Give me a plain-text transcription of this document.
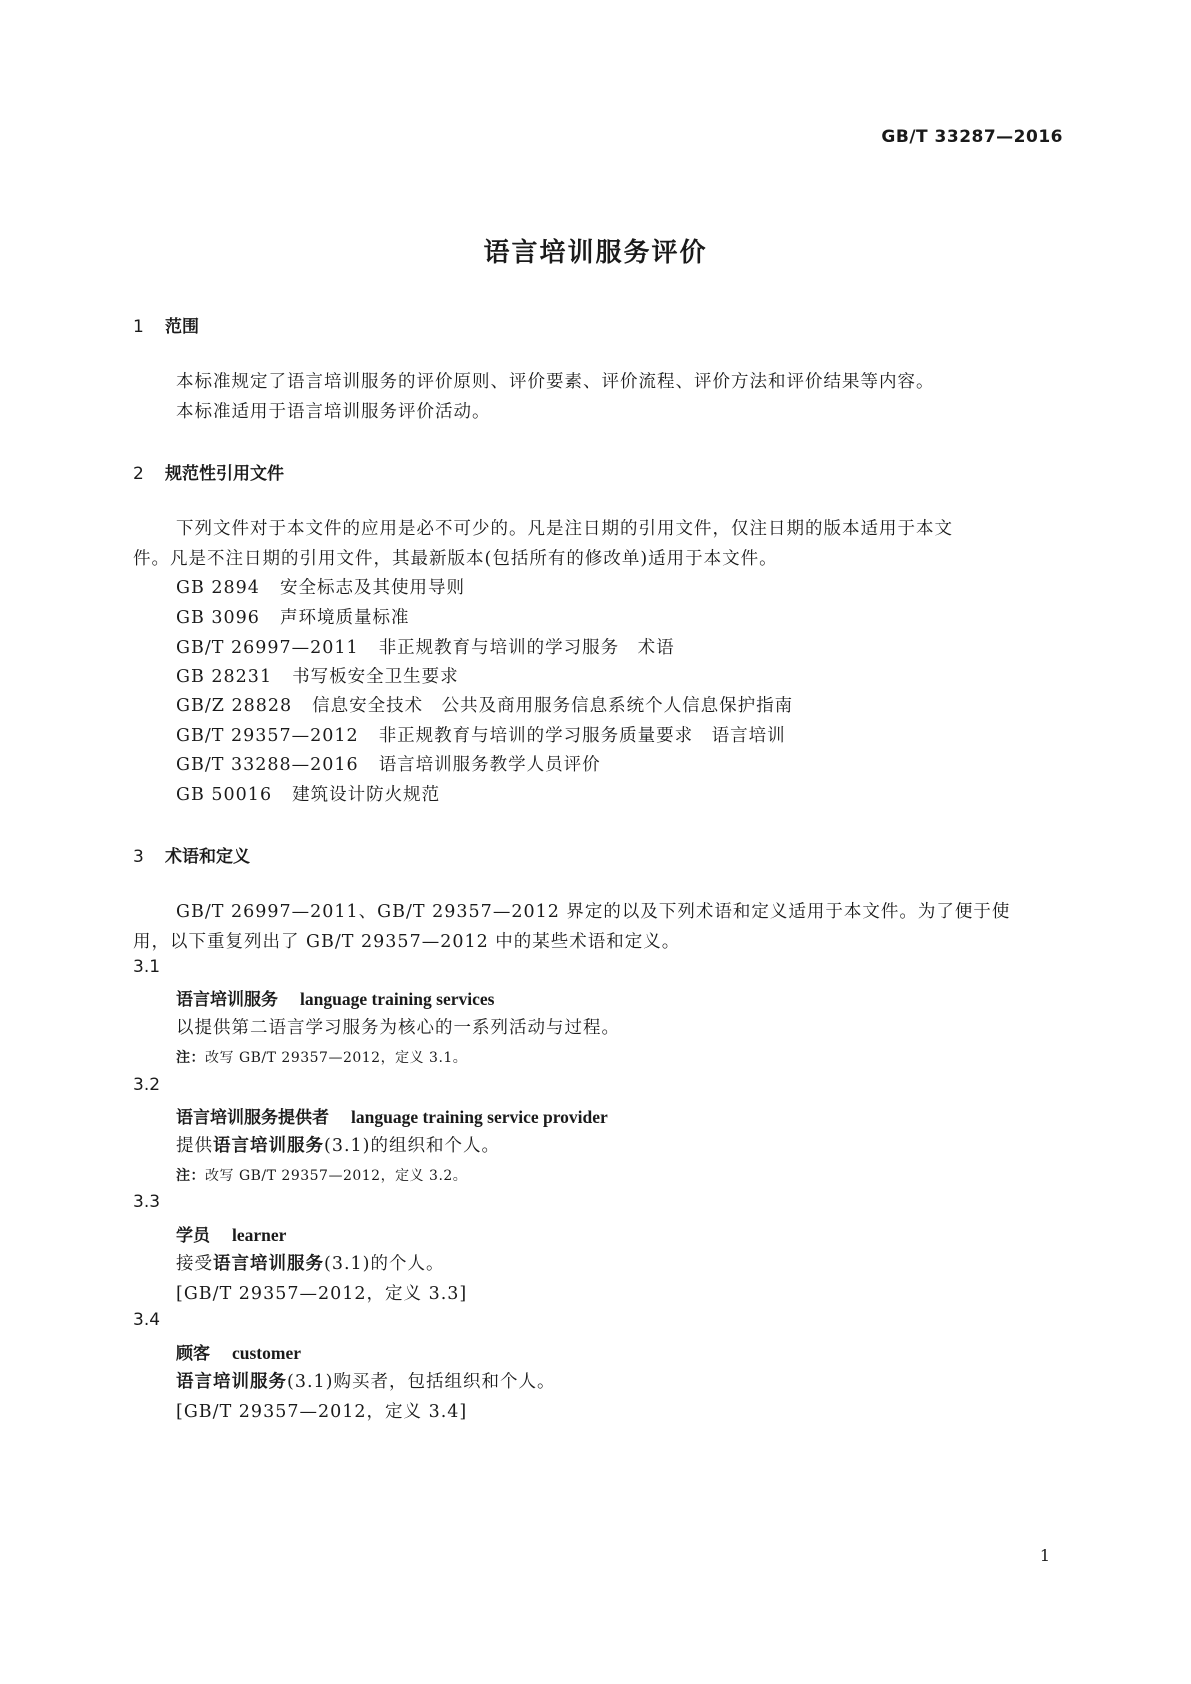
GB/T 33287—2016
语言培训服务评价
1 范围
本标准规定了语言培训服务的评价原则、评价要素、评价流程、评价方法和评价结果等内容。
本标准适用于语言培训服务评价活动。
2 规范性引用文件
下列文件对于本文件的应用是必不可少的。凡是注日期的引用文件，仅注日期的版本适用于本文
件。凡是不注日期的引用文件，其最新版本(包括所有的修改单)适用于本文件。
GB 2894 安全标志及其使用导则
GB 3096 声环境质量标准
GB/T 26997—2011 非正规教育与培训的学习服务　术语
GB 28231 书写板安全卫生要求
GB/Z 28828 信息安全技术　公共及商用服务信息系统个人信息保护指南
GB/T 29357—2012 非正规教育与培训的学习服务质量要求　语言培训
GB/T 33288—2016 语言培训服务教学人员评价
GB 50016 建筑设计防火规范
3 术语和定义
GB/T 26997—2011、GB/T 29357—2012 界定的以及下列术语和定义适用于本文件。为了便于使
用，以下重复列出了 GB/T 29357—2012 中的某些术语和定义。
3.1
语言培训服务 language training services
以提供第二语言学习服务为核心的一系列活动与过程。
注：改写 GB/T 29357—2012，定义 3.1。
3.2
语言培训服务提供者 language training service provider
提供语言培训服务(3.1)的组织和个人。
注：改写 GB/T 29357—2012，定义 3.2。
3.3
学员 learner
接受语言培训服务(3.1)的个人。
[GB/T 29357—2012，定义 3.3]
3.4
顾客 customer
语言培训服务(3.1)购买者，包括组织和个人。
[GB/T 29357—2012，定义 3.4]
1
